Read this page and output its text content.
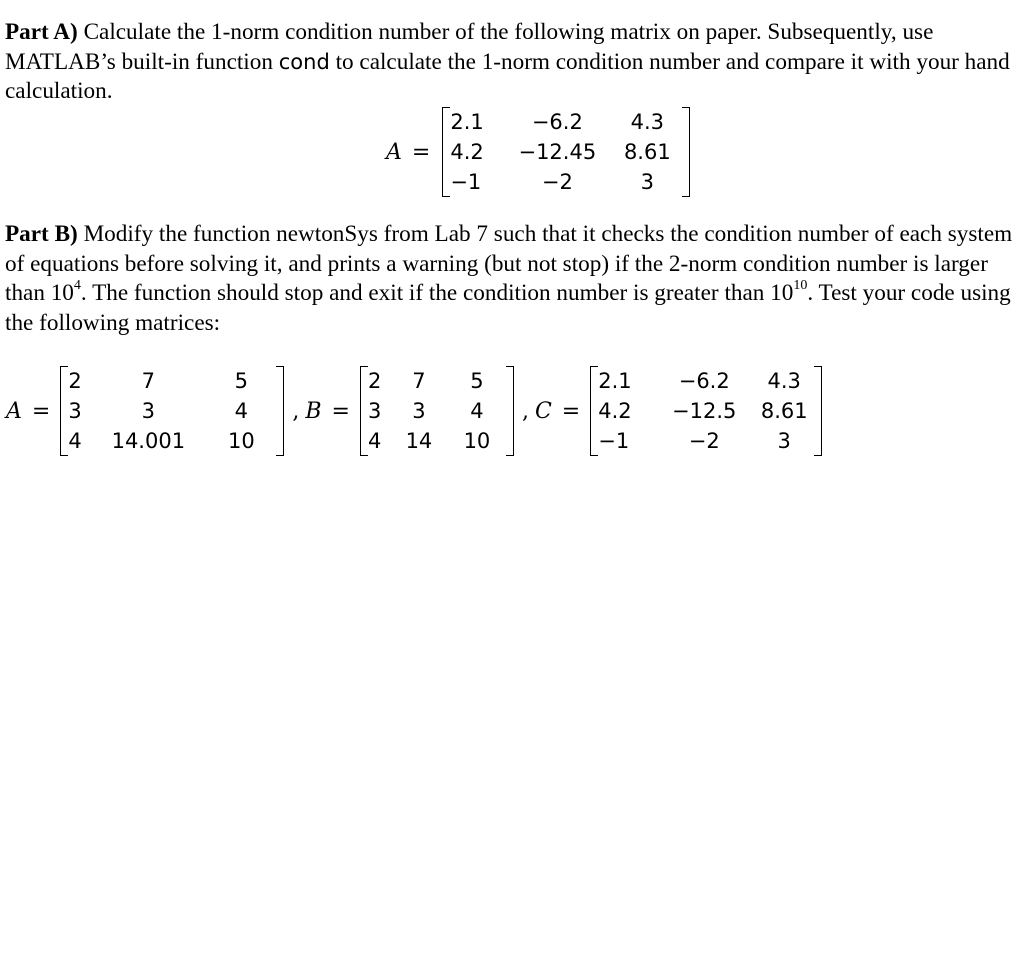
Part A) Calculate the 1-norm condition number of the following matrix on paper. Subsequently, use MATLAB’s built-in function cond to calculate the 1-norm condition number and compare it with your hand calculation.

A =
2.1	−6.2	4.3
4.2	−12.45	8.61
−1	−2	3

Part B) Modify the function newtonSys from Lab 7 such that it checks the condition number of each system of equations before solving it, and prints a warning (but not stop) if the 2-norm condition number is larger than $10^4$. The function should stop and exit if the condition number is greater than $10^{10}$. Test your code using the following matrices:

A =
2	7	5
3	3	4
4	14.001	10
, B =
2	7	5
3	3	4
4	14	10
, C =
2.1	−6.2	4.3
4.2	−12.5	8.61
−1	−2	3
